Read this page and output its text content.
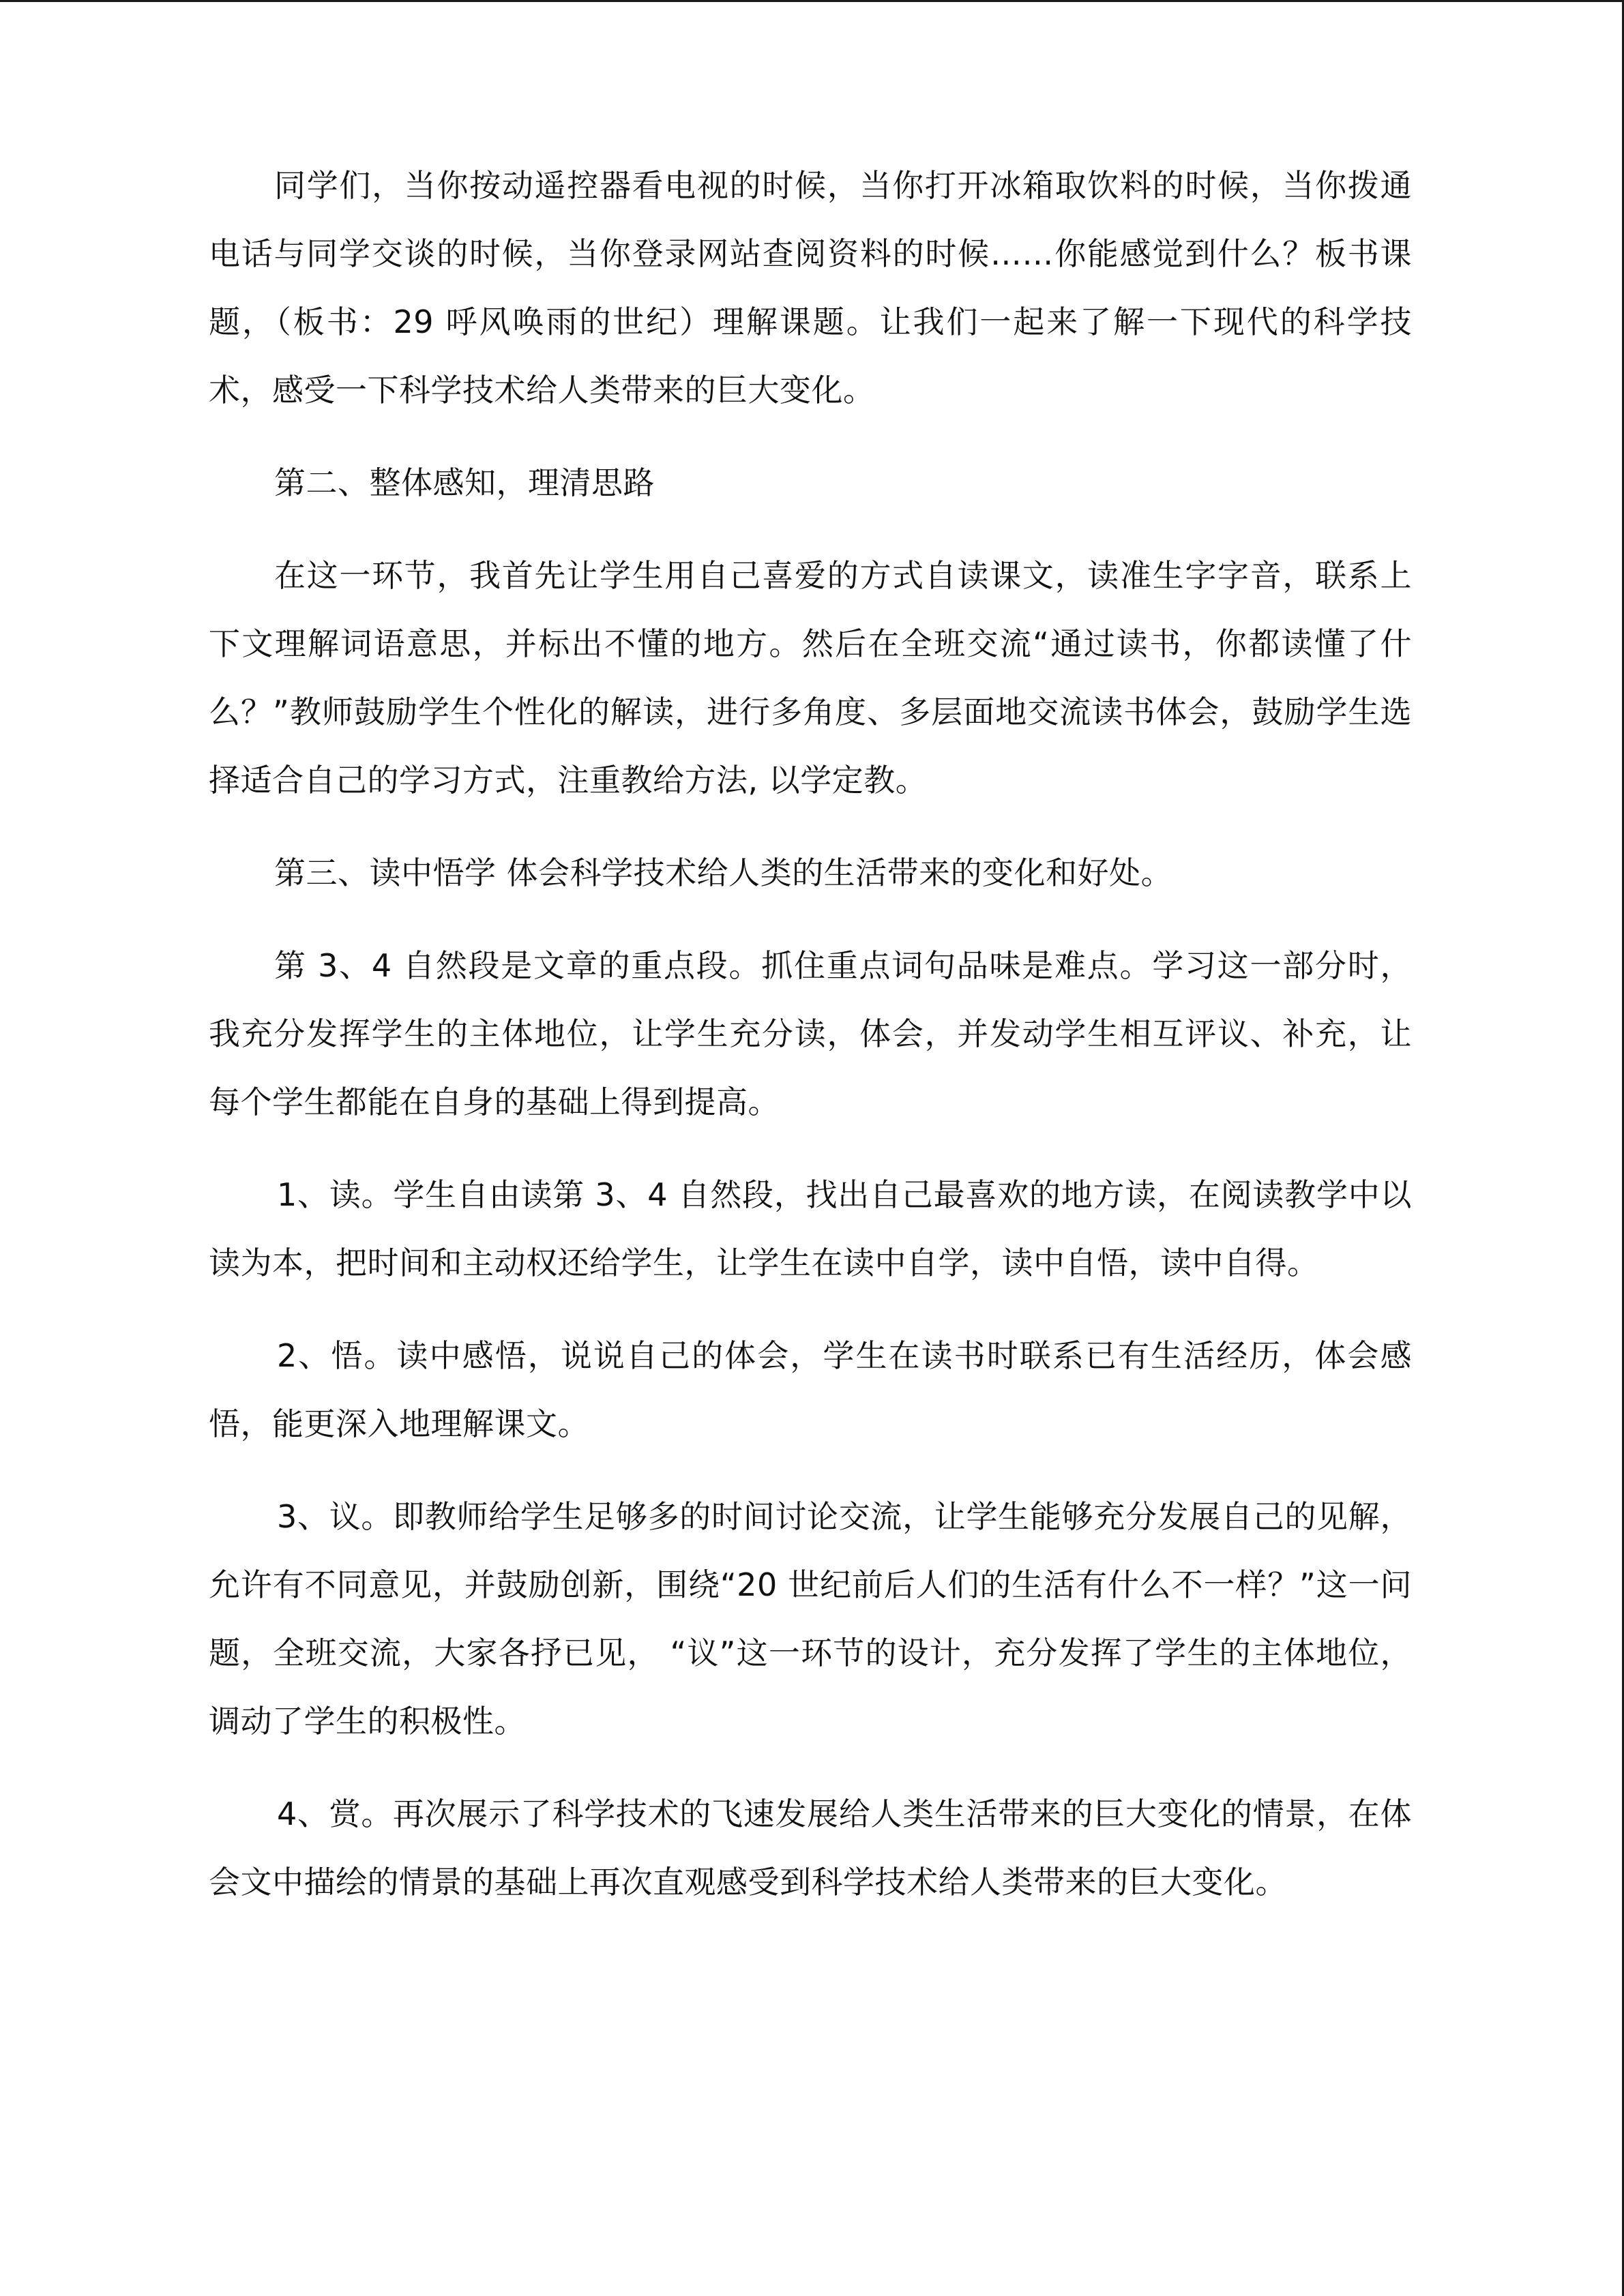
同学们，当你按动遥控器看电视的时候，当你打开冰箱取饮料的时候，当你拨通电话与同学交谈的时候，当你登录网站查阅资料的时候……你能感觉到什么？板书课题，（板书：29 呼风唤雨的世纪）理解课题。让我们一起来了解一下现代的科学技术，感受一下科学技术给人类带来的巨大变化。

第二、整体感知，理清思路

在这一环节，我首先让学生用自己喜爱的方式自读课文，读准生字字音，联系上下文理解词语意思，并标出不懂的地方。然后在全班交流“通过读书，你都读懂了什么？”教师鼓励学生个性化的解读，进行多角度、多层面地交流读书体会，鼓励学生选择适合自己的学习方式，注重教给方法, 以学定教。

第三、读中悟学 体会科学技术给人类的生活带来的变化和好处。

第 3、4 自然段是文章的重点段。抓住重点词句品味是难点。学习这一部分时，我充分发挥学生的主体地位，让学生充分读，体会，并发动学生相互评议、补充，让每个学生都能在自身的基础上得到提高。

1、读。学生自由读第 3、4 自然段，找出自己最喜欢的地方读，在阅读教学中以读为本，把时间和主动权还给学生，让学生在读中自学，读中自悟，读中自得。

2、悟。读中感悟，说说自己的体会，学生在读书时联系已有生活经历，体会感悟，能更深入地理解课文。

3、议。即教师给学生足够多的时间讨论交流，让学生能够充分发展自己的见解，允许有不同意见，并鼓励创新，围绕“20 世纪前后人们的生活有什么不一样？”这一问题，全班交流，大家各抒已见， “议”这一环节的设计，充分发挥了学生的主体地位，调动了学生的积极性。

4、赏。再次展示了科学技术的飞速发展给人类生活带来的巨大变化的情景，在体会文中描绘的情景的基础上再次直观感受到科学技术给人类带来的巨大变化。
